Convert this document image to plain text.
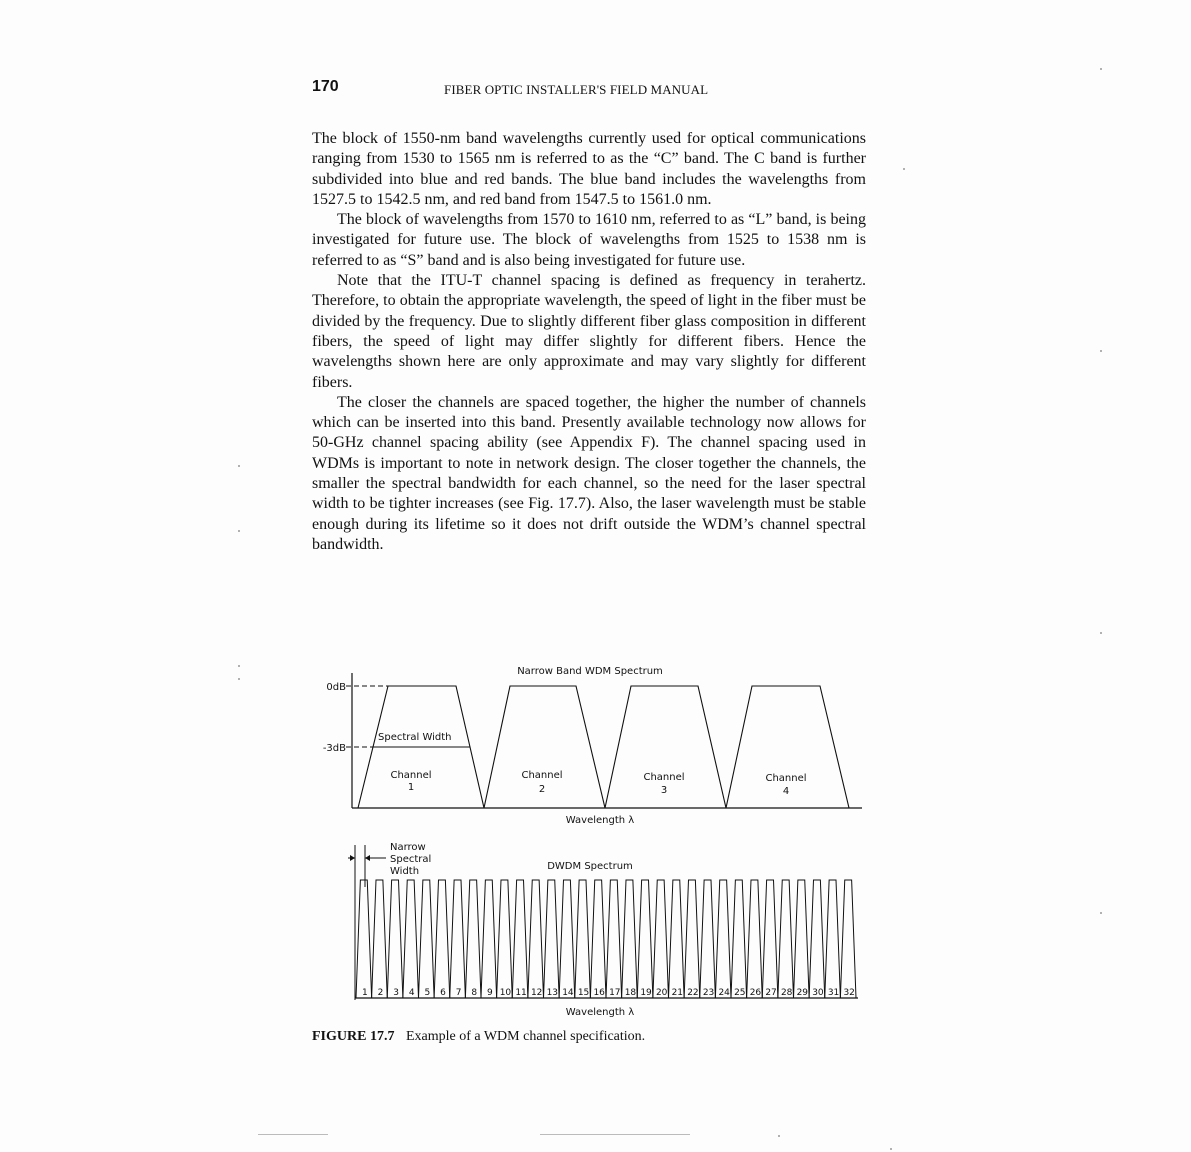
170	FIBER OPTIC INSTALLER'S FIELD MANUAL

The block of 1550-nm band wavelengths currently used for optical communications ranging from 1530 to 1565 nm is referred to as the “C” band. The C band is further subdivided into blue and red bands. The blue band includes the wavelengths from 1527.5 to 1542.5 nm, and red band from 1547.5 to 1561.0 nm.

The block of wavelengths from 1570 to 1610 nm, referred to as “L” band, is being investigated for future use. The block of wavelengths from 1525 to 1538 nm is referred to as “S” band and is also being investigated for future use.

Note that the ITU-T channel spacing is defined as frequency in terahertz. Therefore, to obtain the appropriate wavelength, the speed of light in the fiber must be divided by the frequency. Due to slightly different fiber glass composition in different fibers, the speed of light may differ slightly for different fibers. Hence the wavelengths shown here are only approximate and may vary slightly for different fibers.

The closer the channels are spaced together, the higher the number of channels which can be inserted into this band. Presently available technology now allows for 50-GHz channel spacing ability (see Appendix F). The channel spacing used in WDMs is important to note in network design. The closer together the channels, the smaller the spectral bandwidth for each channel, so the need for the laser spectral width to be tighter increases (see Fig. 17.7). Also, the laser wavelength must be stable enough during its lifetime so it does not drift outside the WDM’s channel spectral bandwidth.

Narrow Band WDM Spectrum
0dB
-3dB
Spectral Width
Channel
1
Channel
2
Channel
3
Channel
4
Wavelength λ
Narrow
Spectral
Width	DWDM Spectrum
1 2 3 4 5 6 7 8 9 10 11 12 13 14 15 16 17 18 19 20 21 22 23 24 25 26 27 28 29 30 31 32
Wavelength λ
FIGURE 17.7 Example of a WDM channel specification.
